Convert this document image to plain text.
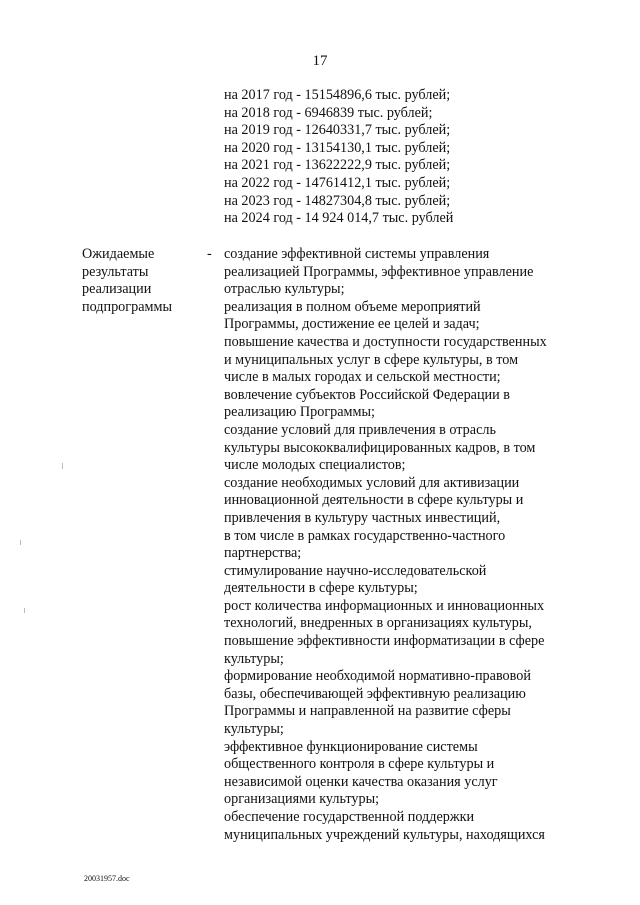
17
на 2017 год - 15154896,6 тыс. рублей;
на 2018 год - 6946839 тыс. рублей;
на 2019 год - 12640331,7 тыс. рублей;
на 2020 год - 13154130,1 тыс. рублей;
на 2021 год - 13622222,9 тыс. рублей;
на 2022 год - 14761412,1 тыс. рублей;
на 2023 год - 14827304,8 тыс. рублей;
на 2024 год - 14 924 014,7 тыс. рублей
Ожидаемые
результаты
реализации
подпрограммы
- создание эффективной системы управления
реализацией Программы, эффективное управление
отраслью культуры;
реализация в полном объеме мероприятий
Программы, достижение ее целей и задач;
повышение качества и доступности государственных
и муниципальных услуг в сфере культуры, в том
числе в малых городах и сельской местности;
вовлечение субъектов Российской Федерации в
реализацию Программы;
создание условий для привлечения в отрасль
культуры высококвалифицированных кадров, в том
числе молодых специалистов;
создание необходимых условий для активизации
инновационной деятельности в сфере культуры и
привлечения в культуру частных инвестиций,
в том числе в рамках государственно-частного
партнерства;
стимулирование научно-исследовательской
деятельности в сфере культуры;
рост количества информационных и инновационных
технологий, внедренных в организациях культуры,
повышение эффективности информатизации в сфере
культуры;
формирование необходимой нормативно-правовой
базы, обеспечивающей эффективную реализацию
Программы и направленной на развитие сферы
культуры;
эффективное функционирование системы
общественного контроля в сфере культуры и
независимой оценки качества оказания услуг
организациями культуры;
обеспечение государственной поддержки
муниципальных учреждений культуры, находящихся
20031957.doc
